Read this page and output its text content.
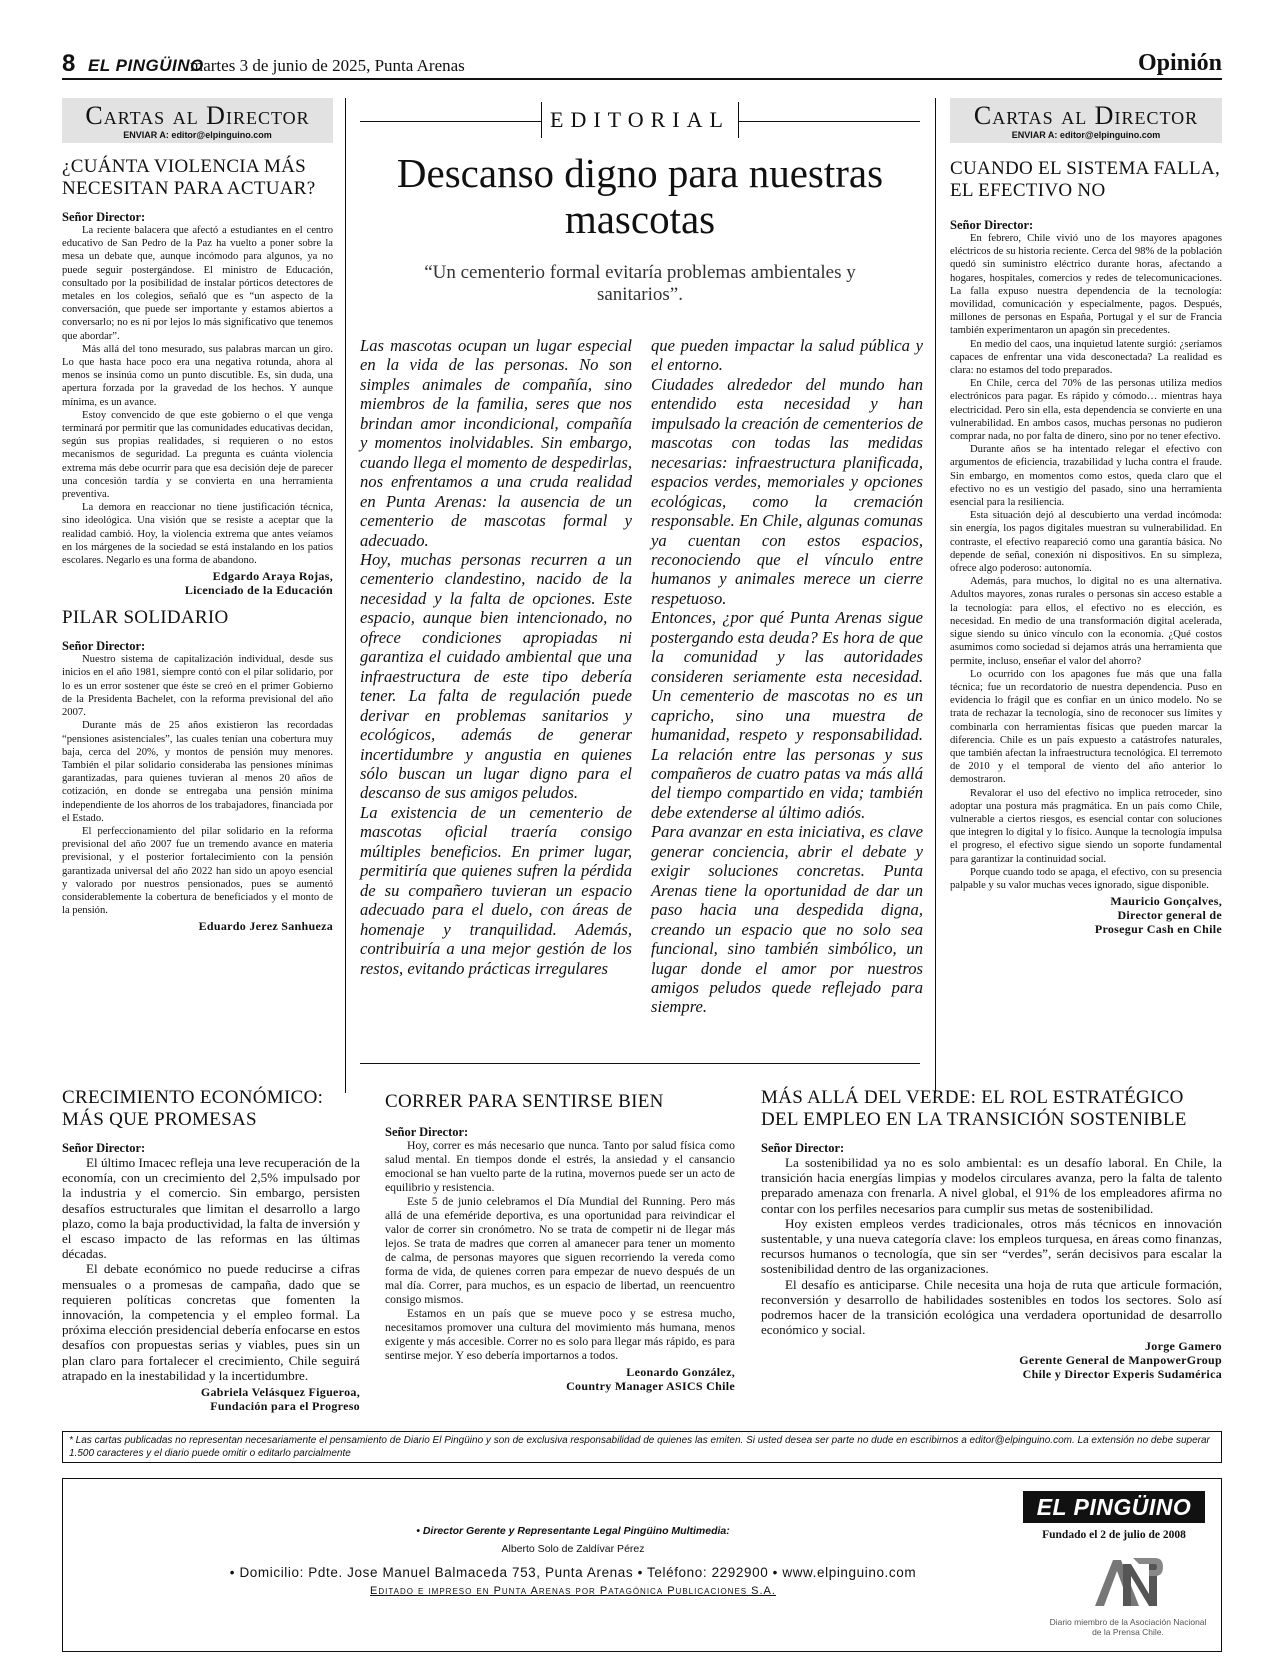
8 EL PINGÜINO
martes 3 de junio de 2025, Punta Arenas	Opinión
Cartas al Director
ENVIAR A: editor@elpinguino.com
¿CUÁNTA VIOLENCIA MÁS NECESITAN PARA ACTUAR?
Señor Director:

La reciente balacera que afectó a estudiantes en el centro educativo de San Pedro de la Paz ha vuelto a poner sobre la mesa un debate que, aunque incómodo para algunos, ya no puede seguir postergándose. El ministro de Educación, consultado por la posibilidad de instalar pórticos detectores de metales en los colegios, señaló que es “un aspecto de la conversación, que puede ser importante y estamos abiertos a conversarlo; no es ni por lejos lo más significativo que tenemos que abordar”.

Más allá del tono mesurado, sus palabras marcan un giro. Lo que hasta hace poco era una negativa rotunda, ahora al menos se insinúa como un punto discutible. Es, sin duda, una apertura forzada por la gravedad de los hechos. Y aunque mínima, es un avance.

Estoy convencido de que este gobierno o el que venga terminará por permitir que las comunidades educativas decidan, según sus propias realidades, si requieren o no estos mecanismos de seguridad. La pregunta es cuánta violencia extrema más debe ocurrir para que esa decisión deje de parecer una concesión tardía y se convierta en una herramienta preventiva.

La demora en reaccionar no tiene justificación técnica, sino ideológica. Una visión que se resiste a aceptar que la realidad cambió. Hoy, la violencia extrema que antes veíamos en los márgenes de la sociedad se está instalando en los patios escolares. Negarlo es una forma de abandono.

Edgardo Araya Rojas,
Licenciado de la Educación
PILAR SOLIDARIO
Señor Director:

Nuestro sistema de capitalización individual, desde sus inicios en el año 1981, siempre contó con el pilar solidario, por lo es un error sostener que éste se creó en el primer Gobierno de la Presidenta Bachelet, con la reforma previsional del año 2007.

Durante más de 25 años existieron las recordadas “pensiones asistenciales”, las cuales tenían una cobertura muy baja, cerca del 20%, y montos de pensión muy menores. También el pilar solidario consideraba las pensiones mínimas garantizadas, para quienes tuvieran al menos 20 años de cotización, en donde se entregaba una pensión mínima independiente de los ahorros de los trabajadores, financiada por el Estado.

El perfeccionamiento del pilar solidario en la reforma previsional del año 2007 fue un tremendo avance en materia previsional, y el posterior fortalecimiento con la pensión garantizada universal del año 2022 han sido un apoyo esencial y valorado por nuestros pensionados, pues se aumentó considerablemente la cobertura de beneficiados y el monto de la pensión.

Eduardo Jerez Sanhueza
EDITORIAL
Descanso digno para nuestras mascotas
“Un cementerio formal evitaría problemas ambientales y sanitarios”.

Las mascotas ocupan un lugar especial en la vida de las personas. No son simples animales de compañía, sino miembros de la familia, seres que nos brindan amor incondicional, compañía y momentos inolvidables. Sin embargo, cuando llega el momento de despedirlas, nos enfrentamos a una cruda realidad en Punta Arenas: la ausencia de un cementerio de mascotas formal y adecuado.

Hoy, muchas personas recurren a un cementerio clandestino, nacido de la necesidad y la falta de opciones. Este espacio, aunque bien intencionado, no ofrece condiciones apropiadas ni garantiza el cuidado ambiental que una infraestructura de este tipo debería tener. La falta de regulación puede derivar en problemas sanitarios y ecológicos, además de generar incertidumbre y angustia en quienes sólo buscan un lugar digno para el descanso de sus amigos peludos.

La existencia de un cementerio de mascotas oficial traería consigo múltiples beneficios. En primer lugar, permitiría que quienes sufren la pérdida de su compañero tuvieran un espacio adecuado para el duelo, con áreas de homenaje y tranquilidad. Además, contribuiría a una mejor gestión de los restos, evitando prácticas irregulares

que pueden impactar la salud pública y el entorno.

Ciudades alrededor del mundo han entendido esta necesidad y han impulsado la creación de cementerios de mascotas con todas las medidas necesarias: infraestructura planificada, espacios verdes, memoriales y opciones ecológicas, como la cremación responsable. En Chile, algunas comunas ya cuentan con estos espacios, reconociendo que el vínculo entre humanos y animales merece un cierre respetuoso.

Entonces, ¿por qué Punta Arenas sigue postergando esta deuda? Es hora de que la comunidad y las autoridades consideren seriamente esta necesidad. Un cementerio de mascotas no es un capricho, sino una muestra de humanidad, respeto y responsabilidad. La relación entre las personas y sus compañeros de cuatro patas va más allá del tiempo compartido en vida; también debe extenderse al último adiós.

Para avanzar en esta iniciativa, es clave generar conciencia, abrir el debate y exigir soluciones concretas. Punta Arenas tiene la oportunidad de dar un paso hacia una despedida digna, creando un espacio que no solo sea funcional, sino también simbólico, un lugar donde el amor por nuestros amigos peludos quede reflejado para siempre.

Cartas al Director
ENVIAR A: editor@elpinguino.com
CUANDO EL SISTEMA FALLA, EL EFECTIVO NO
Señor Director:

En febrero, Chile vivió uno de los mayores apagones eléctricos de su historia reciente. Cerca del 98% de la población quedó sin suministro eléctrico durante horas, afectando a hogares, hospitales, comercios y redes de telecomunicaciones. La falla expuso nuestra dependencia de la tecnología: movilidad, comunicación y especialmente, pagos. Después, millones de personas en España, Portugal y el sur de Francia también experimentaron un apagón sin precedentes.

En medio del caos, una inquietud latente surgió: ¿seríamos capaces de enfrentar una vida desconectada? La realidad es clara: no estamos del todo preparados.

En Chile, cerca del 70% de las personas utiliza medios electrónicos para pagar. Es rápido y cómodo… mientras haya electricidad. Pero sin ella, esta dependencia se convierte en una vulnerabilidad. En ambos casos, muchas personas no pudieron comprar nada, no por falta de dinero, sino por no tener efectivo.

Durante años se ha intentado relegar el efectivo con argumentos de eficiencia, trazabilidad y lucha contra el fraude. Sin embargo, en momentos como estos, queda claro que el efectivo no es un vestigio del pasado, sino una herramienta esencial para la resiliencia.

Esta situación dejó al descubierto una verdad incómoda: sin energía, los pagos digitales muestran su vulnerabilidad. En contraste, el efectivo reapareció como una garantía básica. No depende de señal, conexión ni dispositivos. En su simpleza, ofrece algo poderoso: autonomía.

Además, para muchos, lo digital no es una alternativa. Adultos mayores, zonas rurales o personas sin acceso estable a la tecnología: para ellos, el efectivo no es elección, es necesidad. En medio de una transformación digital acelerada, sigue siendo su único vínculo con la economía. ¿Qué costos asumimos como sociedad si dejamos atrás una herramienta que permite, incluso, enseñar el valor del ahorro?

Lo ocurrido con los apagones fue más que una falla técnica; fue un recordatorio de nuestra dependencia. Puso en evidencia lo frágil que es confiar en un único modelo. No se trata de rechazar la tecnología, sino de reconocer sus límites y combinarla con herramientas físicas que pueden marcar la diferencia. Chile es un país expuesto a catástrofes naturales, que también afectan la infraestructura tecnológica. El terremoto de 2010 y el temporal de viento del año anterior lo demostraron.

Revalorar el uso del efectivo no implica retroceder, sino adoptar una postura más pragmática. En un país como Chile, vulnerable a ciertos riesgos, es esencial contar con soluciones que integren lo digital y lo físico. Aunque la tecnología impulsa el progreso, el efectivo sigue siendo un soporte fundamental para garantizar la continuidad social.

Porque cuando todo se apaga, el efectivo, con su presencia palpable y su valor muchas veces ignorado, sigue disponible.

Mauricio Gonçalves,
Director general de
Prosegur Cash en Chile
CRECIMIENTO ECONÓMICO: MÁS QUE PROMESAS
Señor Director:

El último Imacec refleja una leve recuperación de la economía, con un crecimiento del 2,5% impulsado por la industria y el comercio. Sin embargo, persisten desafíos estructurales que limitan el desarrollo a largo plazo, como la baja productividad, la falta de inversión y el escaso impacto de las reformas en las últimas décadas.

El debate económico no puede reducirse a cifras mensuales o a promesas de campaña, dado que se requieren políticas concretas que fomenten la innovación, la competencia y el empleo formal. La próxima elección presidencial debería enfocarse en estos desafíos con propuestas serias y viables, pues sin un plan claro para fortalecer el crecimiento, Chile seguirá atrapado en la inestabilidad y la incertidumbre.

Gabriela Velásquez Figueroa,
Fundación para el Progreso
CORRER PARA SENTIRSE BIEN
Señor Director:

Hoy, correr es más necesario que nunca. Tanto por salud física como salud mental. En tiempos donde el estrés, la ansiedad y el cansancio emocional se han vuelto parte de la rutina, movernos puede ser un acto de equilibrio y resistencia.

Este 5 de junio celebramos el Día Mundial del Running. Pero más allá de una efeméride deportiva, es una oportunidad para reivindicar el valor de correr sin cronómetro. No se trata de competir ni de llegar más lejos. Se trata de madres que corren al amanecer para tener un momento de calma, de personas mayores que siguen recorriendo la vereda como forma de vida, de quienes corren para empezar de nuevo después de un mal día. Correr, para muchos, es un espacio de libertad, un reencuentro consigo mismos.

Estamos en un país que se mueve poco y se estresa mucho, necesitamos promover una cultura del movimiento más humana, menos exigente y más accesible. Correr no es solo para llegar más rápido, es para sentirse mejor. Y eso debería importarnos a todos.

Leonardo González,
Country Manager ASICS Chile
MÁS ALLÁ DEL VERDE: EL ROL ESTRATÉGICO DEL EMPLEO EN LA TRANSICIÓN SOSTENIBLE
Señor Director:

La sostenibilidad ya no es solo ambiental: es un desafío laboral. En Chile, la transición hacia energías limpias y modelos circulares avanza, pero la falta de talento preparado amenaza con frenarla. A nivel global, el 91% de los empleadores afirma no contar con los perfiles necesarios para cumplir sus metas de sostenibilidad.

Hoy existen empleos verdes tradicionales, otros más técnicos en innovación sustentable, y una nueva categoría clave: los empleos turquesa, en áreas como finanzas, recursos humanos o tecnología, que sin ser “verdes”, serán decisivos para escalar la sostenibilidad dentro de las organizaciones.

El desafío es anticiparse. Chile necesita una hoja de ruta que articule formación, reconversión y desarrollo de habilidades sostenibles en todos los sectores. Solo así podremos hacer de la transición ecológica una verdadera oportunidad de desarrollo económico y social.

Jorge Gamero
Gerente General de ManpowerGroup
Chile y Director Experis Sudamérica
* Las cartas publicadas no representan necesariamente el pensamiento de Diario El Pingüino y son de exclusiva responsabilidad de quienes las emiten. Si usted desea ser parte no dude en escribirnos a editor@elpinguino.com. La extensión no debe superar 1.500 caracteres y el diario puede omitir o editarlo parcialmente
• Director Gerente y Representante Legal Pingüino Multimedia:
Alberto Solo de Zaldívar Pérez
• Domicilio: Pdte. Jose Manuel Balmaceda 753, Punta Arenas • Teléfono: 2292900 • www.elpinguino.com
Editado e impreso en Punta Arenas por Patagónica Publicaciones S.A.
EL PINGÜINO
Fundado el 2 de julio de 2008
Diario miembro de la Asociación Nacional de la Prensa Chile.
